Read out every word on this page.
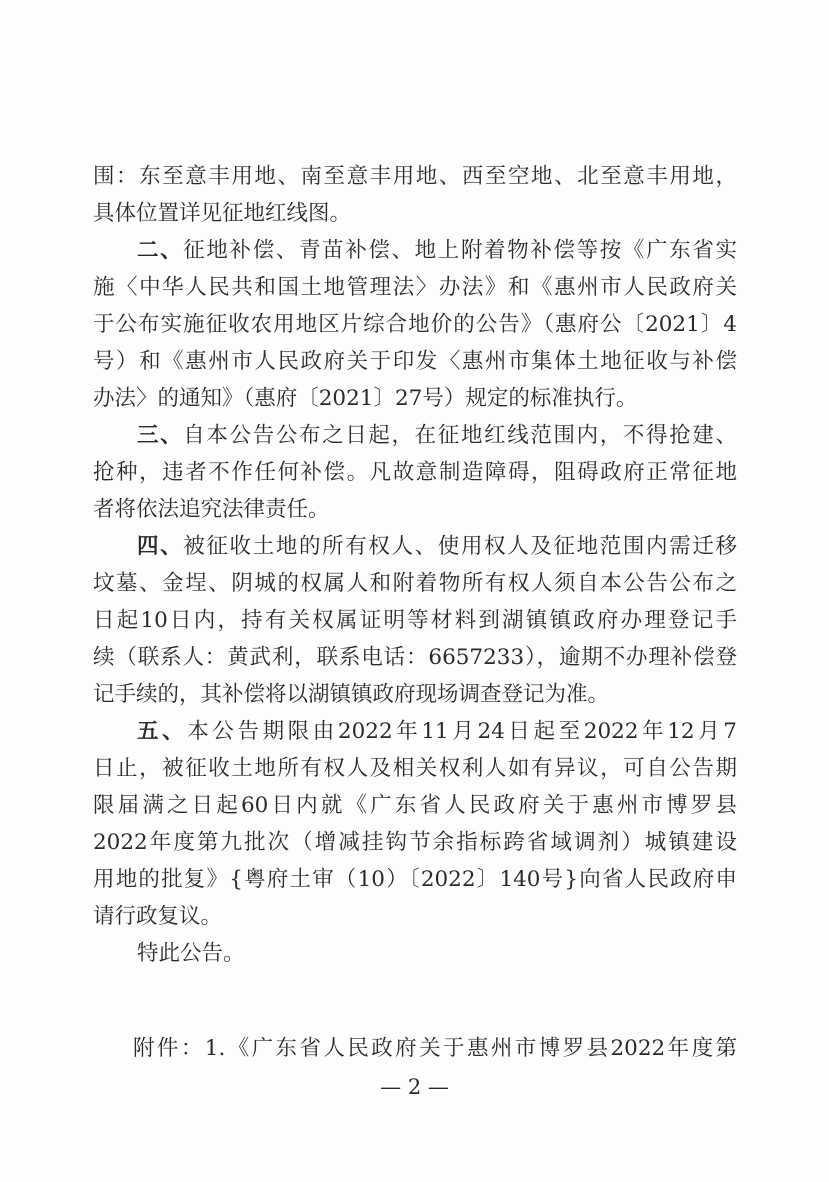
围：东至意丰用地、南至意丰用地、西至空地、北至意丰用地，
具体位置详见征地红线图。
二、征地补偿、青苗补偿、地上附着物补偿等按《广东省实
施〈中华人民共和国土地管理法〉办法》和《惠州市人民政府关
于公布实施征收农用地区片综合地价的公告》（惠府公〔2021〕4
号）和《惠州市人民政府关于印发〈惠州市集体土地征收与补偿
办法〉的通知》（惠府〔2021〕27号）规定的标准执行。
三、自本公告公布之日起，在征地红线范围内，不得抢建、
抢种，违者不作任何补偿。凡故意制造障碍，阻碍政府正常征地
者将依法追究法律责任。
四、被征收土地的所有权人、使用权人及征地范围内需迁移
坟墓、金埕、阴城的权属人和附着物所有权人须自本公告公布之
日起10日内，持有关权属证明等材料到湖镇镇政府办理登记手
续（联系人：黄武利，联系电话：6657233），逾期不办理补偿登
记手续的，其补偿将以湖镇镇政府现场调查登记为准。
五、本公告期限由2022年11月24日起至2022年12月7
日止，被征收土地所有权人及相关权利人如有异议，可自公告期
限届满之日起60日内就《广东省人民政府关于惠州市博罗县
2022年度第九批次（增减挂钩节余指标跨省域调剂）城镇建设
用地的批复》{粤府土审（10）〔2022〕140号}向省人民政府申
请行政复议。
特此公告。
附件：1.《广东省人民政府关于惠州市博罗县2022年度第
— 2 —
